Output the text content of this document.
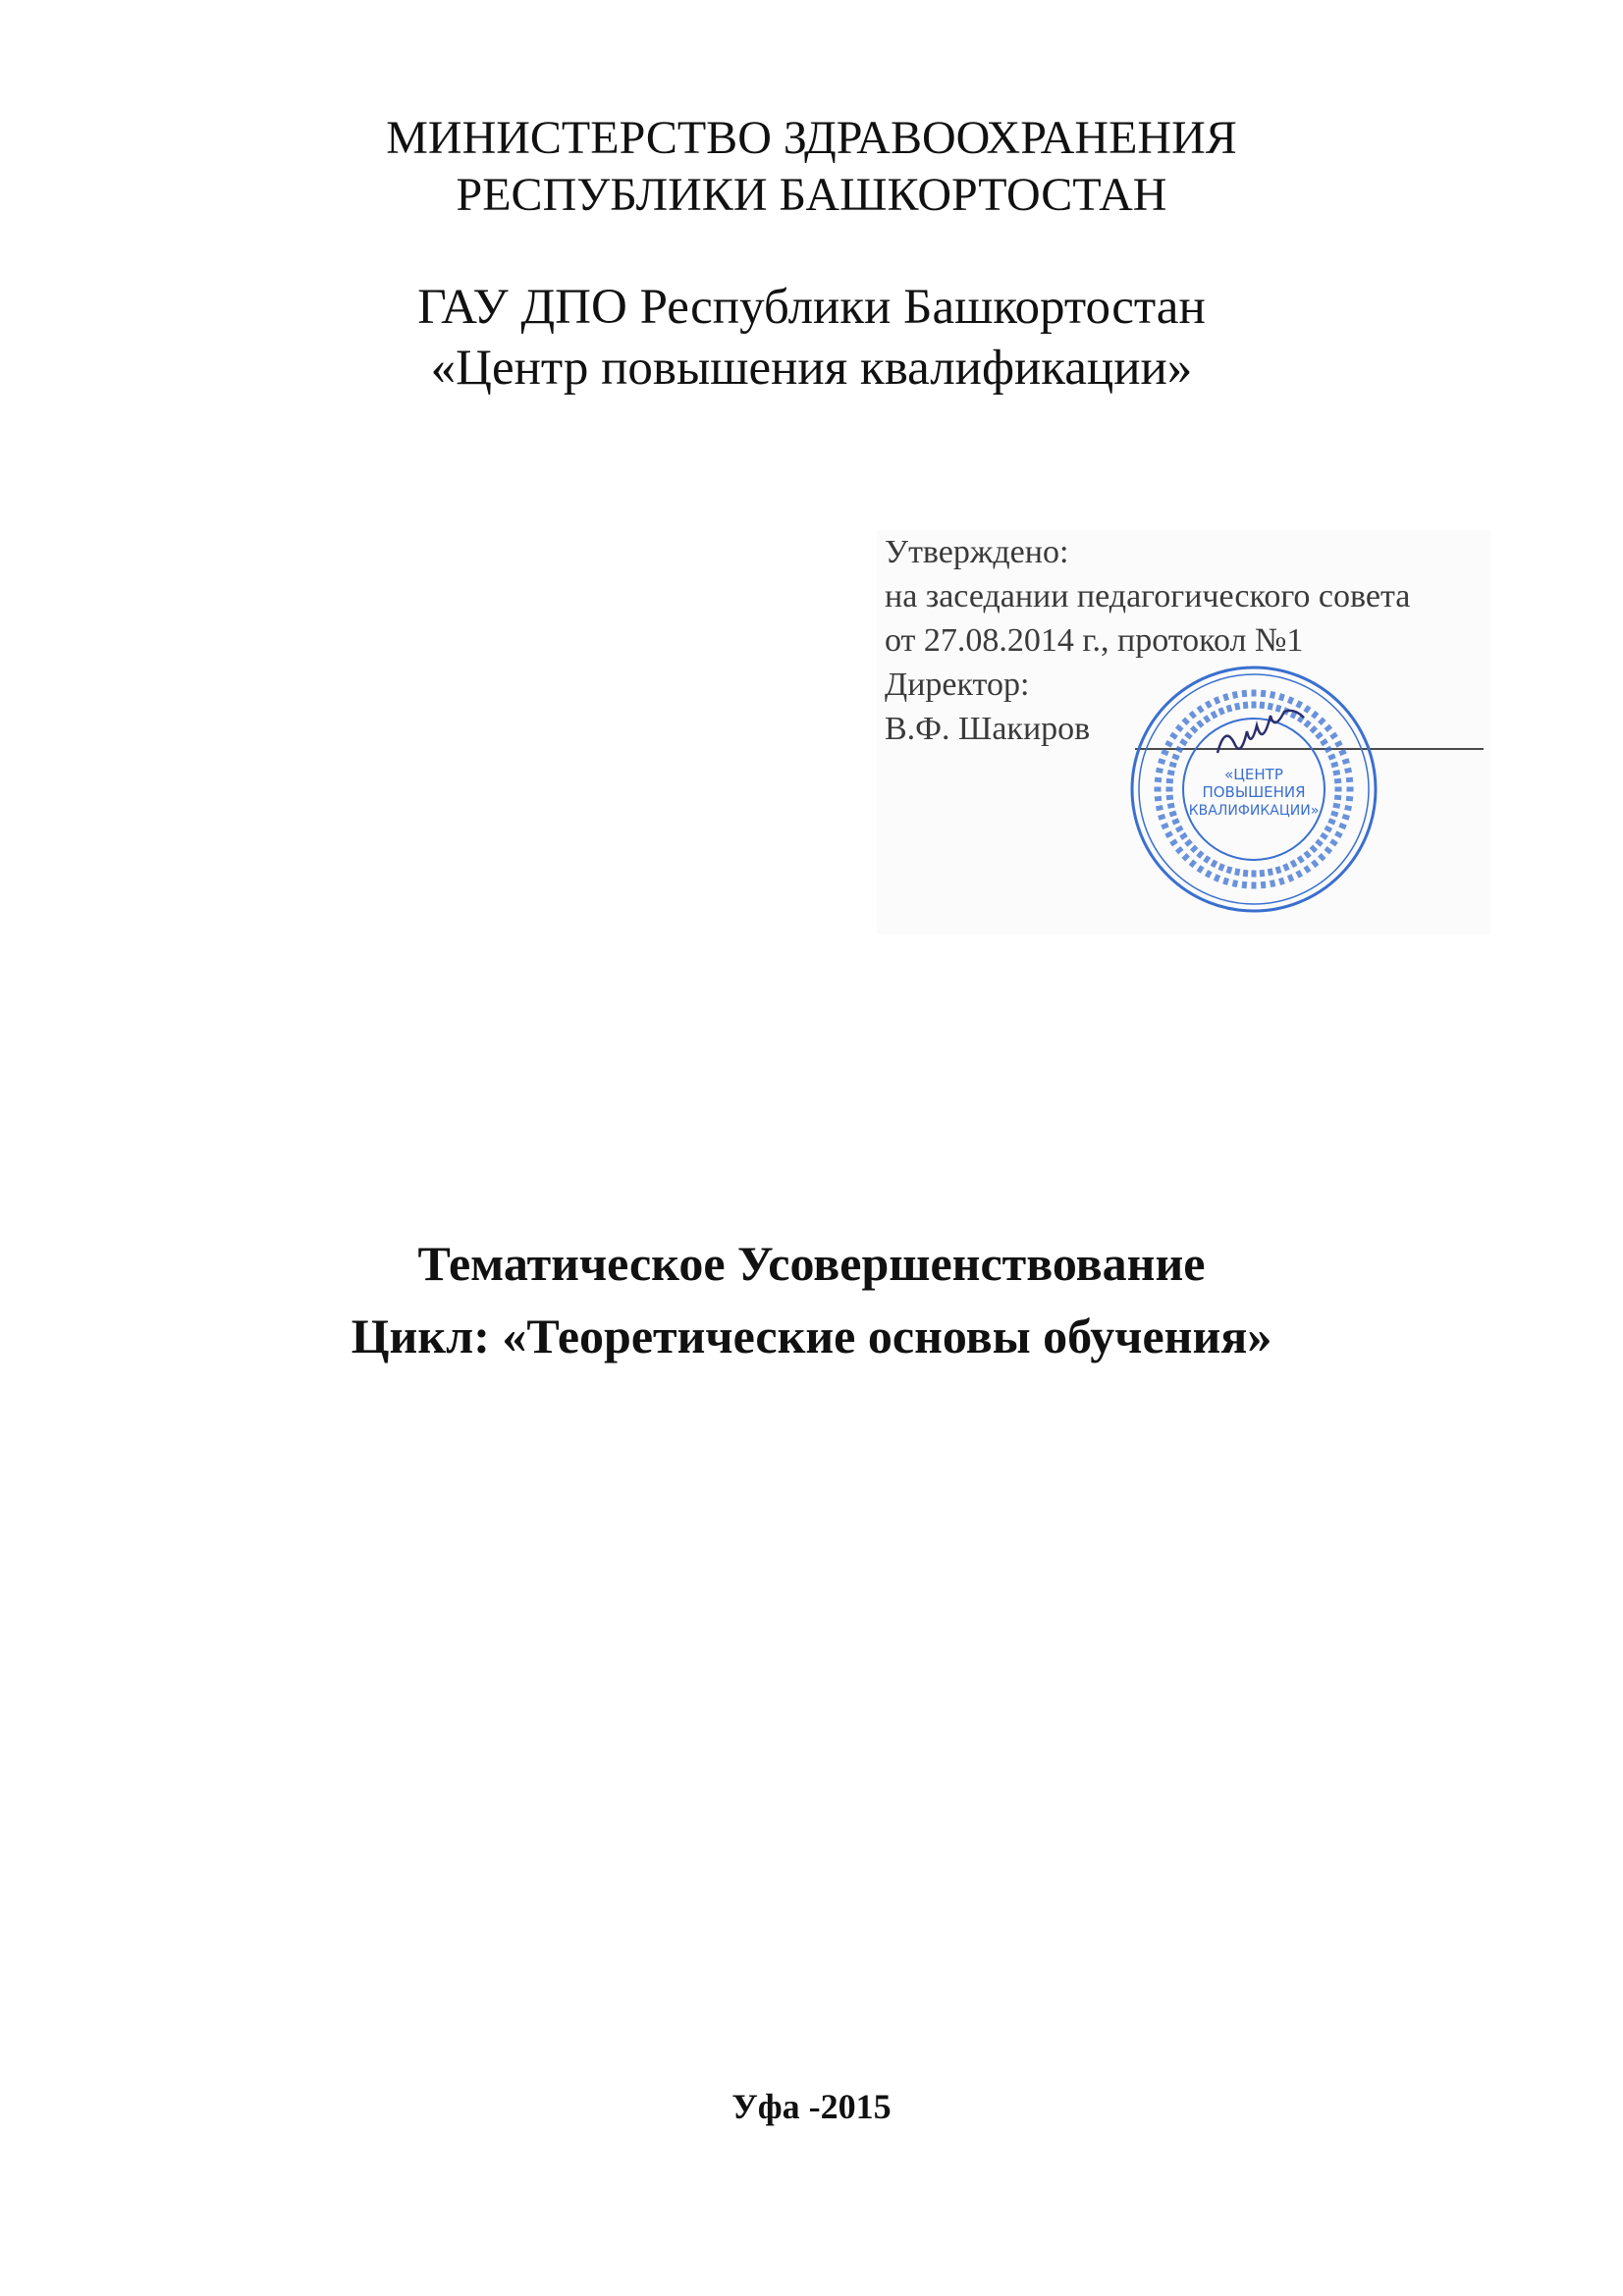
МИНИСТЕРСТВО ЗДРАВООХРАНЕНИЯ
РЕСПУБЛИКИ БАШКОРТОСТАН
ГАУ ДПО Республики Башкортостан
«Центр повышения квалификации»
Утверждено:
на заседании педагогического совета
от 27.08.2014 г., протокол №1
Директор:
В.Ф. Шакиров
«ЦЕНТР
ПОВЫШЕНИЯ
КВАЛИФИКАЦИИ»
Тематическое Усовершенствование
Цикл: «Теоретические основы обучения»
Уфа -2015
